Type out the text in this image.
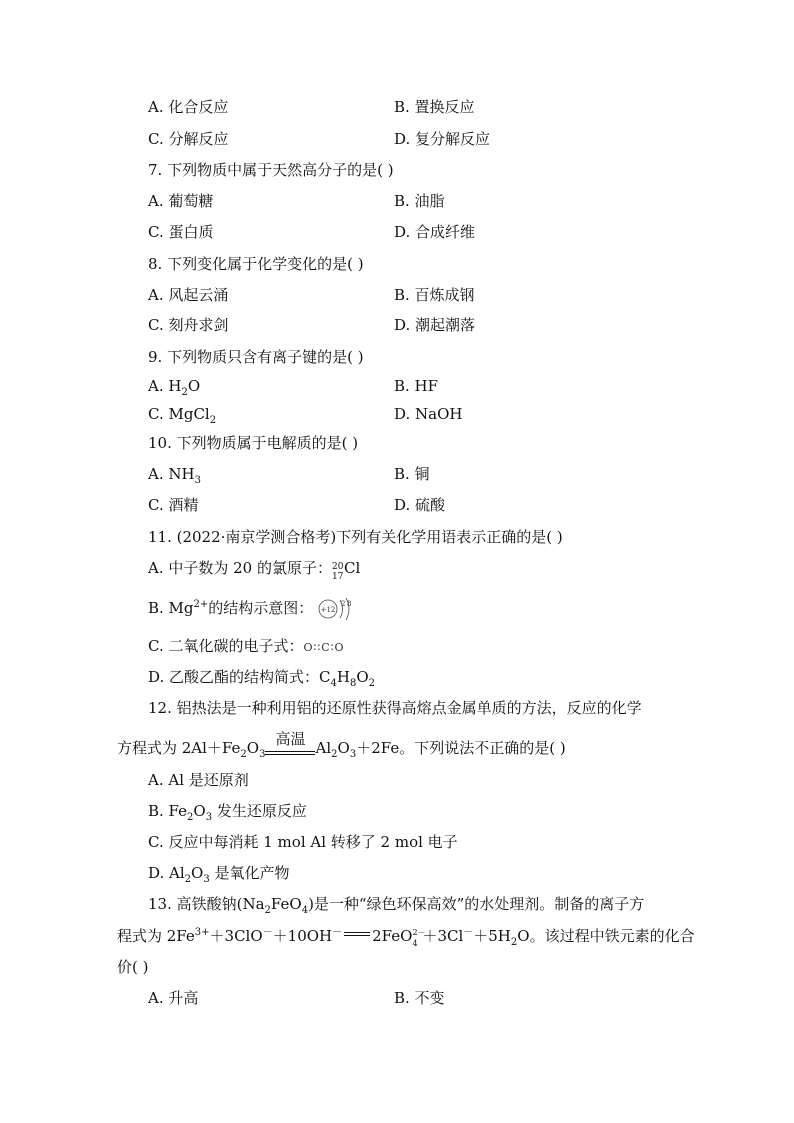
A. 化合反应	B. 置换反应
C. 分解反应	D. 复分解反应
7. 下列物质中属于天然高分子的是( )
A. 葡萄糖	B. 油脂
C. 蛋白质	D. 合成纤维
8. 下列变化属于化学变化的是( )
A. 风起云涌	B. 百炼成钢
C. 刻舟求剑	D. 潮起潮落
9. 下列物质只含有离子键的是( )
A. $H_2O$	B. HF
C. MgCl$_2$	D. NaOH
10. 下列物质属于电解质的是( )
A. $NH_3$	B. 铜
C. 酒精	D. 硫酸
11. (2022·南京学测合格考)下列有关化学用语表示正确的是( )
A. 中子数为 20 的氯原子： 20
17 Cl
B. $Mg^{2+}$的结构示意图： +12
2 8
C. 二氧化碳的电子式：O∶∶C∶O
D. 乙酸乙酯的结构简式：$C_4H_8O_2$
12. 铝热法是一种利用铝的还原性获得高熔点金属单质的方法，反应的化学
方程式为 $2Al+Fe_2O_3$
高温 $Al_2O_3+2Fe$。下列说法不正确的是( )
A. Al 是还原剂
B. $Fe_2O_3$ 发生还原反应
C. 反应中每消耗 1 mol Al 转移了 2 mol 电子
D. $Al_2O_3$ 是氧化产物
13. 高铁酸钠$(Na_2FeO_4)$是一种“绿色环保高效”的水处理剂。制备的离子方
程式为 $2Fe^{3+}+3ClO^-+10OH^-$ 2FeO 2－
$4 +3Cl^-+5H_2O$。该过程中铁元素的化合
价( )
A. 升高	B. 不变
